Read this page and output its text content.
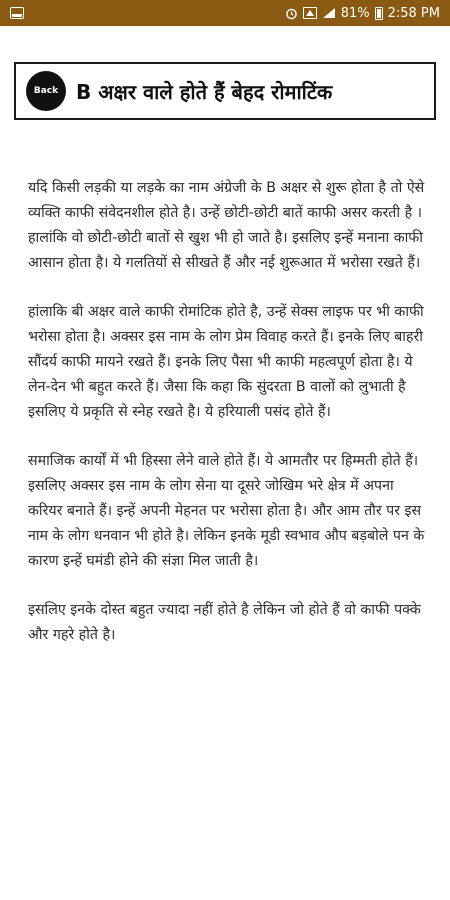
81% 2:58 PM
Back B अक्षर वाले होते हैं बेहद रोमाटिंक

यदि किसी लड़की या लड़के का नाम अंग्रेजी के B अक्षर से शुरू होता है तो ऐसे व्यक्ति काफी संवेदनशील होते है। उन्हें छोटी-छोटी बातें काफी असर करती है । हालांकि वो छोटी-छोटी बातों से खुश भी हो जाते है। इसलिए इन्हें मनाना काफी आसान होता है। ये गलतियों से सीखते हैं और नई शुरूआत में भरोसा रखते हैं।

हांलाकि बी अक्षर वाले काफी रोमांटिक होते है, उन्हें सेक्स लाइफ पर भी काफी भरोसा होता है। अक्सर इस नाम के लोग प्रेम विवाह करते हैं। इनके लिए बाहरी सौंदर्य काफी मायने रखते हैं। इनके लिए पैसा भी काफी महत्वपूर्ण होता है। ये लेन-देन भी बहुत करते हैं। जैसा कि कहा कि सुंदरता B वालों को लुभाती है इसलिए ये प्रकृति से स्नेह रखते है। ये हरियाली पसंद होते हैं।

समाजिक कार्यों में भी हिस्सा लेने वाले होते हैं। ये आमतौर पर हिम्मती होते हैं। इसलिए अक्सर इस नाम के लोग सेना या दूसरे जोखिम भरे क्षेत्र में अपना करियर बनाते हैं। इन्हें अपनी मेहनत पर भरोसा होता है। और आम तौर पर इस नाम के लोग धनवान भी होते है। लेकिन इनके मूडी स्वभाव औप बड़बोले पन के कारण इन्हें घमंडी होने की संज्ञा मिल जाती है।

इसलिए इनके दोस्त बहुत ज्यादा नहीं होते है लेकिन जो होते हैं वो काफी पक्के और गहरे होते है।
